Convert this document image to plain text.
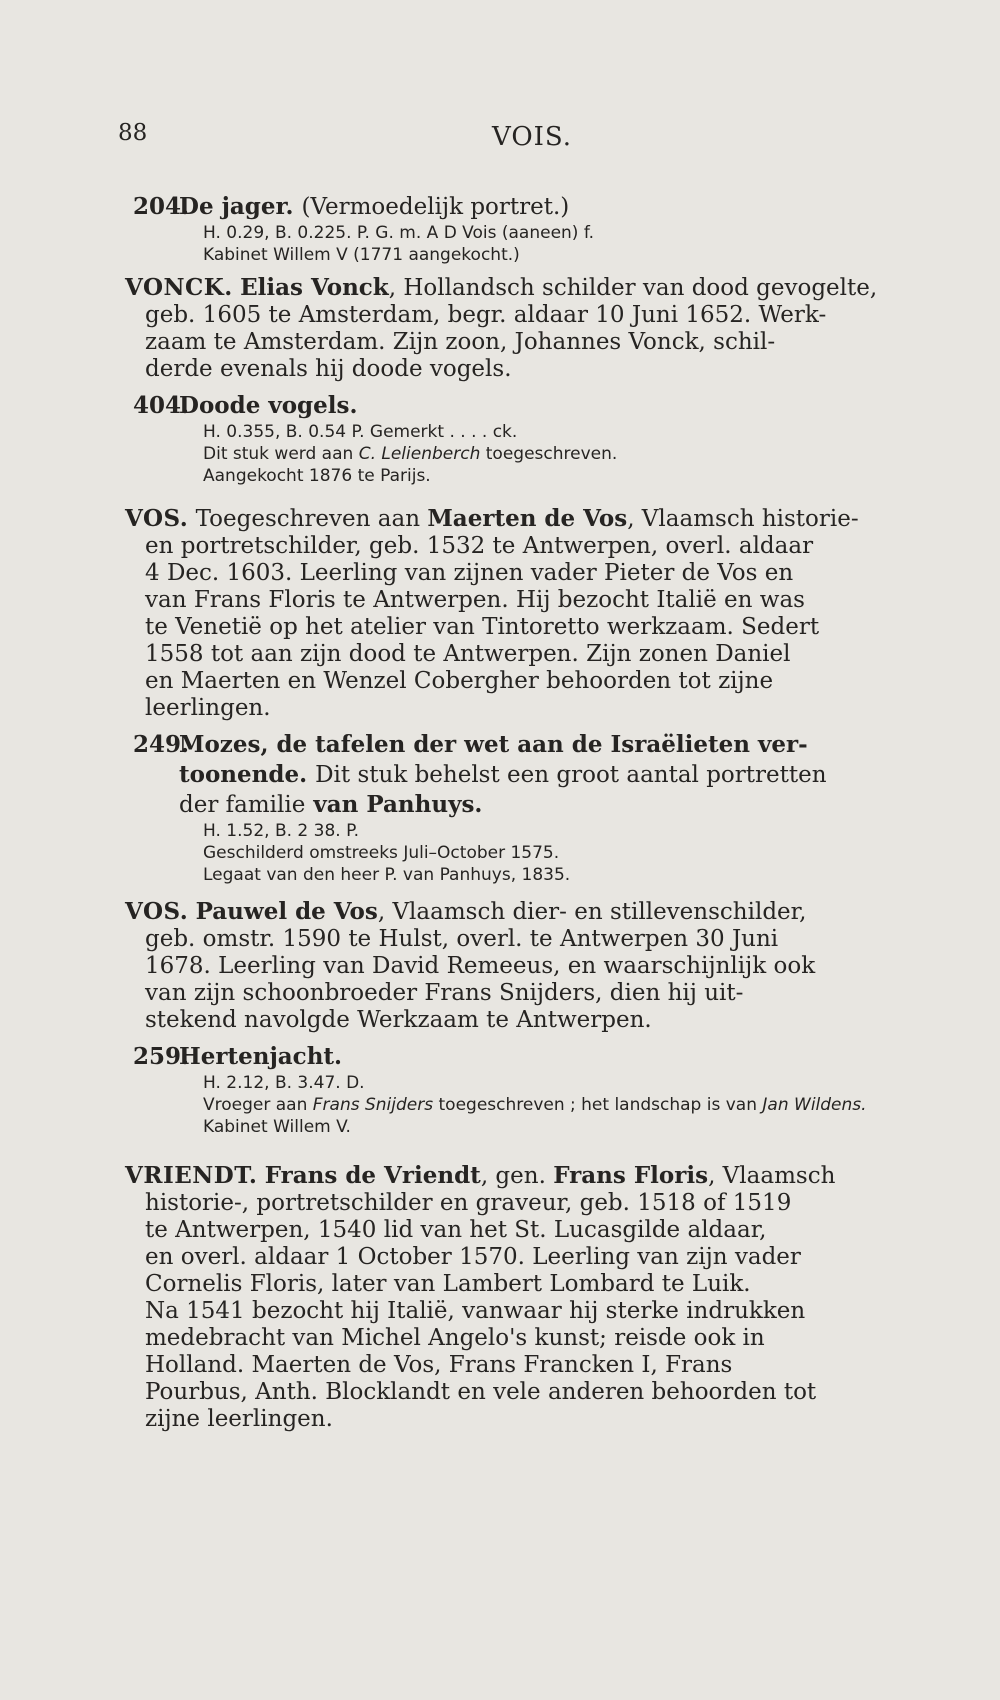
88	VOIS.
204.
De jager. (Vermoedelijk portret.)
H. 0.29, B. 0.225. P. G. m. A D Vois (aaneen) f.
Kabinet Willem V (1771 aangekocht.)
VONCK. Elias Vonck, Hollandsch schilder van dood gevogelte,
geb. 1605 te Amsterdam, begr. aldaar 10 Juni 1652. Werk-
zaam te Amsterdam. Zijn zoon, Johannes Vonck, schil-
derde evenals hij doode vogels.
404.
Doode vogels.
H. 0.355, B. 0.54 P. Gemerkt . . . . ck.
Dit stuk werd aan C. Lelienberch toegeschreven.
Aangekocht 1876 te Parijs.
VOS. Toegeschreven aan Maerten de Vos, Vlaamsch historie-
en portretschilder, geb. 1532 te Antwerpen, overl. aldaar
4 Dec. 1603. Leerling van zijnen vader Pieter de Vos en
van Frans Floris te Antwerpen. Hij bezocht Italië en was
te Venetië op het atelier van Tintoretto werkzaam. Sedert
1558 tot aan zijn dood te Antwerpen. Zijn zonen Daniel
en Maerten en Wenzel Cobergher behoorden tot zijne
leerlingen.
249.
Mozes, de tafelen der wet aan de Israëlieten ver-
toonende. Dit stuk behelst een groot aantal portretten
der familie van Panhuys.
H. 1.52, B. 2 38. P.
Geschilderd omstreeks Juli–October 1575.
Legaat van den heer P. van Panhuys, 1835.
VOS. Pauwel de Vos, Vlaamsch dier- en stillevenschilder,
geb. omstr. 1590 te Hulst, overl. te Antwerpen 30 Juni
1678. Leerling van David Remeeus, en waarschijnlijk ook
van zijn schoonbroeder Frans Snijders, dien hij uit-
stekend navolgde Werkzaam te Antwerpen.
259.
Hertenjacht.
H. 2.12, B. 3.47. D.
Vroeger aan Frans Snijders toegeschreven ; het landschap is van Jan Wildens.
Kabinet Willem V.
VRIENDT. Frans de Vriendt, gen. Frans Floris, Vlaamsch
historie-, portretschilder en graveur, geb. 1518 of 1519
te Antwerpen, 1540 lid van het St. Lucasgilde aldaar,
en overl. aldaar 1 October 1570. Leerling van zijn vader
Cornelis Floris, later van Lambert Lombard te Luik.
Na 1541 bezocht hij Italië, vanwaar hij sterke indrukken
medebracht van Michel Angelo's kunst; reisde ook in
Holland. Maerten de Vos, Frans Francken I, Frans
Pourbus, Anth. Blocklandt en vele anderen behoorden tot
zijne leerlingen.
